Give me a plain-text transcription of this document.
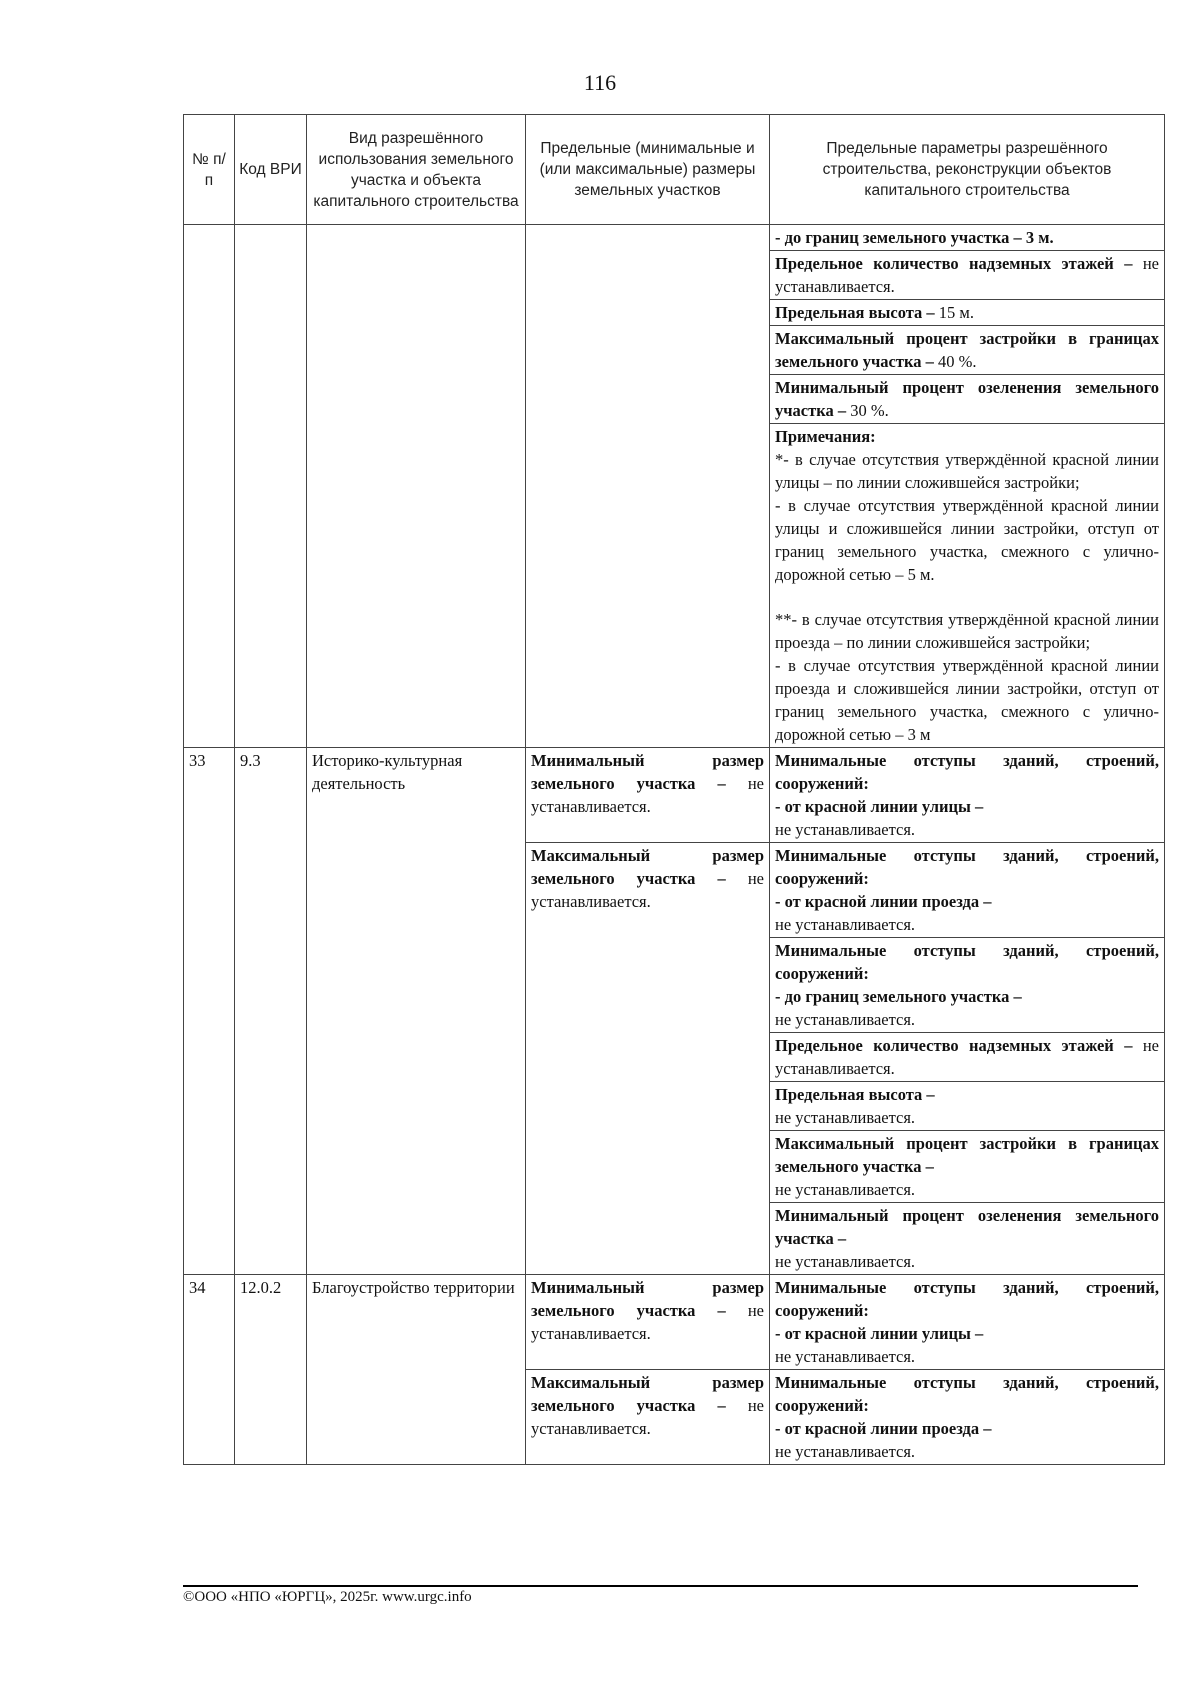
116
№ п/п	Код ВРИ	Вид разрешённого использования земельного участка и объекта капитального строительства	Предельные (минимальные и (или максимальные) размеры земельных участков	Предельные параметры разрешённого строительства, реконструкции объектов капитального строительства
				- до границ земельного участка – 3 м.
				Предельное количество надземных этажей – не устанавливается.
				Предельная высота – 15 м.
				Максимальный процент застройки в границах земельного участка – 40 %.
				Минимальный процент озеленения земельного участка – 30 %.

				Примечания:
*- в случае отсутствия утверждённой красной линии улицы – по линии сложившейся застройки;
- в случае отсутствия утверждённой красной линии улицы и сложившейся линии застройки, отступ от границ земельного участка, смежного с улично-дорожной сетью – 5 м.
**- в случае отсутствия утверждённой красной линии проезда – по линии сложившейся застройки;
- в случае отсутствия утверждённой красной линии проезда и сложившейся линии застройки, отступ от границ земельного участка, смежного с улично-дорожной сетью – 3 м

33	9.3	Историко-культурная деятельность	Минимальный размер земельного участка – не устанавливается.	Минимальные отступы зданий, строений, сооружений:
- от красной линии улицы –
не устанавливается.

			Максимальный размер земельного участка – не устанавливается.	Минимальные отступы зданий, строений, сооружений:
- от красной линии проезда –
не устанавливается.

				Минимальные отступы зданий, строений, сооружений:
- до границ земельного участка –
не устанавливается.

				Предельное количество надземных этажей – не устанавливается.

				Предельная высота –
не устанавливается.

				Максимальный процент застройки в границах земельного участка –
не устанавливается.

				Минимальный процент озеленения земельного участка –
не устанавливается.

34	12.0.2	Благоустройство территории	Минимальный размер земельного участка – не устанавливается.	Минимальные отступы зданий, строений, сооружений:
- от красной линии улицы –
не устанавливается.

			Максимальный размер земельного участка – не устанавливается.	Минимальные отступы зданий, строений, сооружений:
- от красной линии проезда –
не устанавливается.
©ООО «НПО «ЮРГЦ», 2025г. www.urgc.info
